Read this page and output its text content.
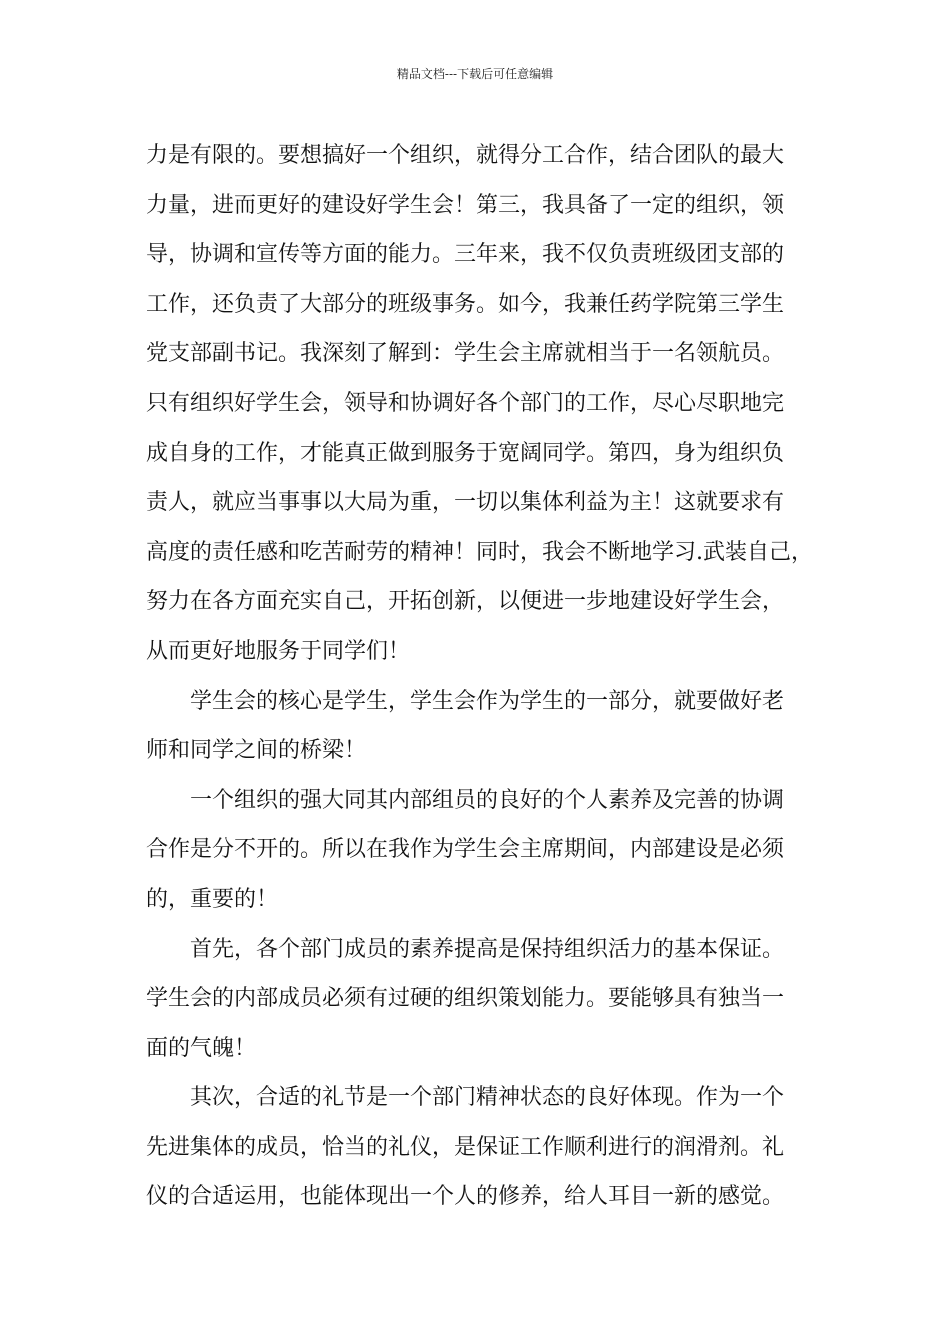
精品文档---下载后可任意编辑
力是有限的。要想搞好一个组织，就得分工合作，结合团队的最大
力量，进而更好的建设好学生会！第三，我具备了一定的组织，领
导，协调和宣传等方面的能力。三年来，我不仅负责班级团支部的
工作，还负责了大部分的班级事务。如今，我兼任药学院第三学生
党支部副书记。我深刻了解到：学生会主席就相当于一名领航员。
只有组织好学生会，领导和协调好各个部门的工作，尽心尽职地完
成自身的工作，才能真正做到服务于宽阔同学。第四，身为组织负
责人，就应当事事以大局为重，一切以集体利益为主！这就要求有
高度的责任感和吃苦耐劳的精神！同时，我会不断地学习.武装自己，
努力在各方面充实自己，开拓创新，以便进一步地建设好学生会，
从而更好地服务于同学们！
学生会的核心是学生，学生会作为学生的一部分，就要做好老
师和同学之间的桥梁！
一个组织的强大同其内部组员的良好的个人素养及完善的协调
合作是分不开的。所以在我作为学生会主席期间，内部建设是必须
的，重要的！
首先，各个部门成员的素养提高是保持组织活力的基本保证。
学生会的内部成员必须有过硬的组织策划能力。要能够具有独当一
面的气魄！
其次，合适的礼节是一个部门精神状态的良好体现。作为一个
先进集体的成员，恰当的礼仪，是保证工作顺利进行的润滑剂。礼
仪的合适运用，也能体现出一个人的修养，给人耳目一新的感觉。
